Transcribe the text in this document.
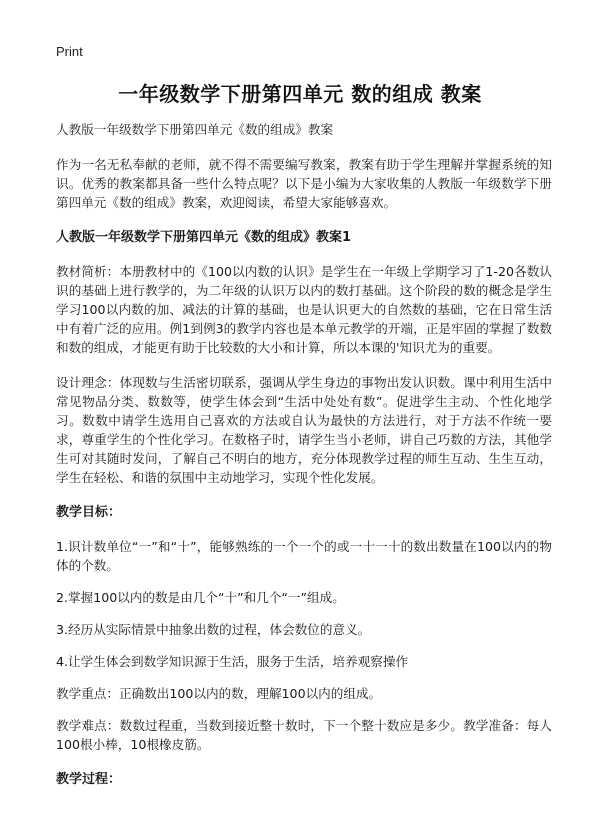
Print
一年级数学下册第四单元 数的组成 教案

人教版一年级数学下册第四单元《数的组成》教案

作为一名无私奉献的老师，就不得不需要编写教案，教案有助于学生理解并掌握系统的知识。优秀的教案都具备一些什么特点呢？以下是小编为大家收集的人教版一年级数学下册第四单元《数的组成》教案，欢迎阅读，希望大家能够喜欢。

人教版一年级数学下册第四单元《数的组成》教案1

教材简析：本册教材中的《100以内数的认识》是学生在一年级上学期学习了1-20各数认识的基础上进行教学的，为二年级的认识万以内的数打基础。这个阶段的数的概念是学生学习100以内数的加、减法的计算的基础，也是认识更大的自然数的基础，它在日常生活中有着广泛的应用。例1到例3的教学内容也是本单元教学的开端，正是牢固的掌握了数数和数的组成，才能更有助于比较数的大小和计算，所以本课的'知识尤为的重要。

设计理念：体现数与生活密切联系，强调从学生身边的事物出发认识数。课中利用生活中常见物品分类、数数等，使学生体会到“生活中处处有数”。促进学生主动、个性化地学习。数数中请学生选用自己喜欢的方法或自认为最快的方法进行，对于方法不作统一要求，尊重学生的个性化学习。在数格子时，请学生当小老师，讲自己巧数的方法，其他学生可对其随时发问，了解自己不明白的地方，充分体现教学过程的师生互动、生生互动，学生在轻松、和谐的氛围中主动地学习，实现个性化发展。

教学目标：

1.识计数单位“一”和“十”，能够熟练的一个一个的或一十一十的数出数量在100以内的物体的个数。

2.掌握100以内的数是由几个“十”和几个“一”组成。

3.经历从实际情景中抽象出数的过程，体会数位的意义。

4.让学生体会到数学知识源于生活，服务于生活，培养观察操作

教学重点：正确数出100以内的数，理解100以内的组成。

教学难点：数数过程重，当数到接近整十数时，下一个整十数应是多少。教学准备：每人100根小棒，10根橡皮筋。

教学过程：
